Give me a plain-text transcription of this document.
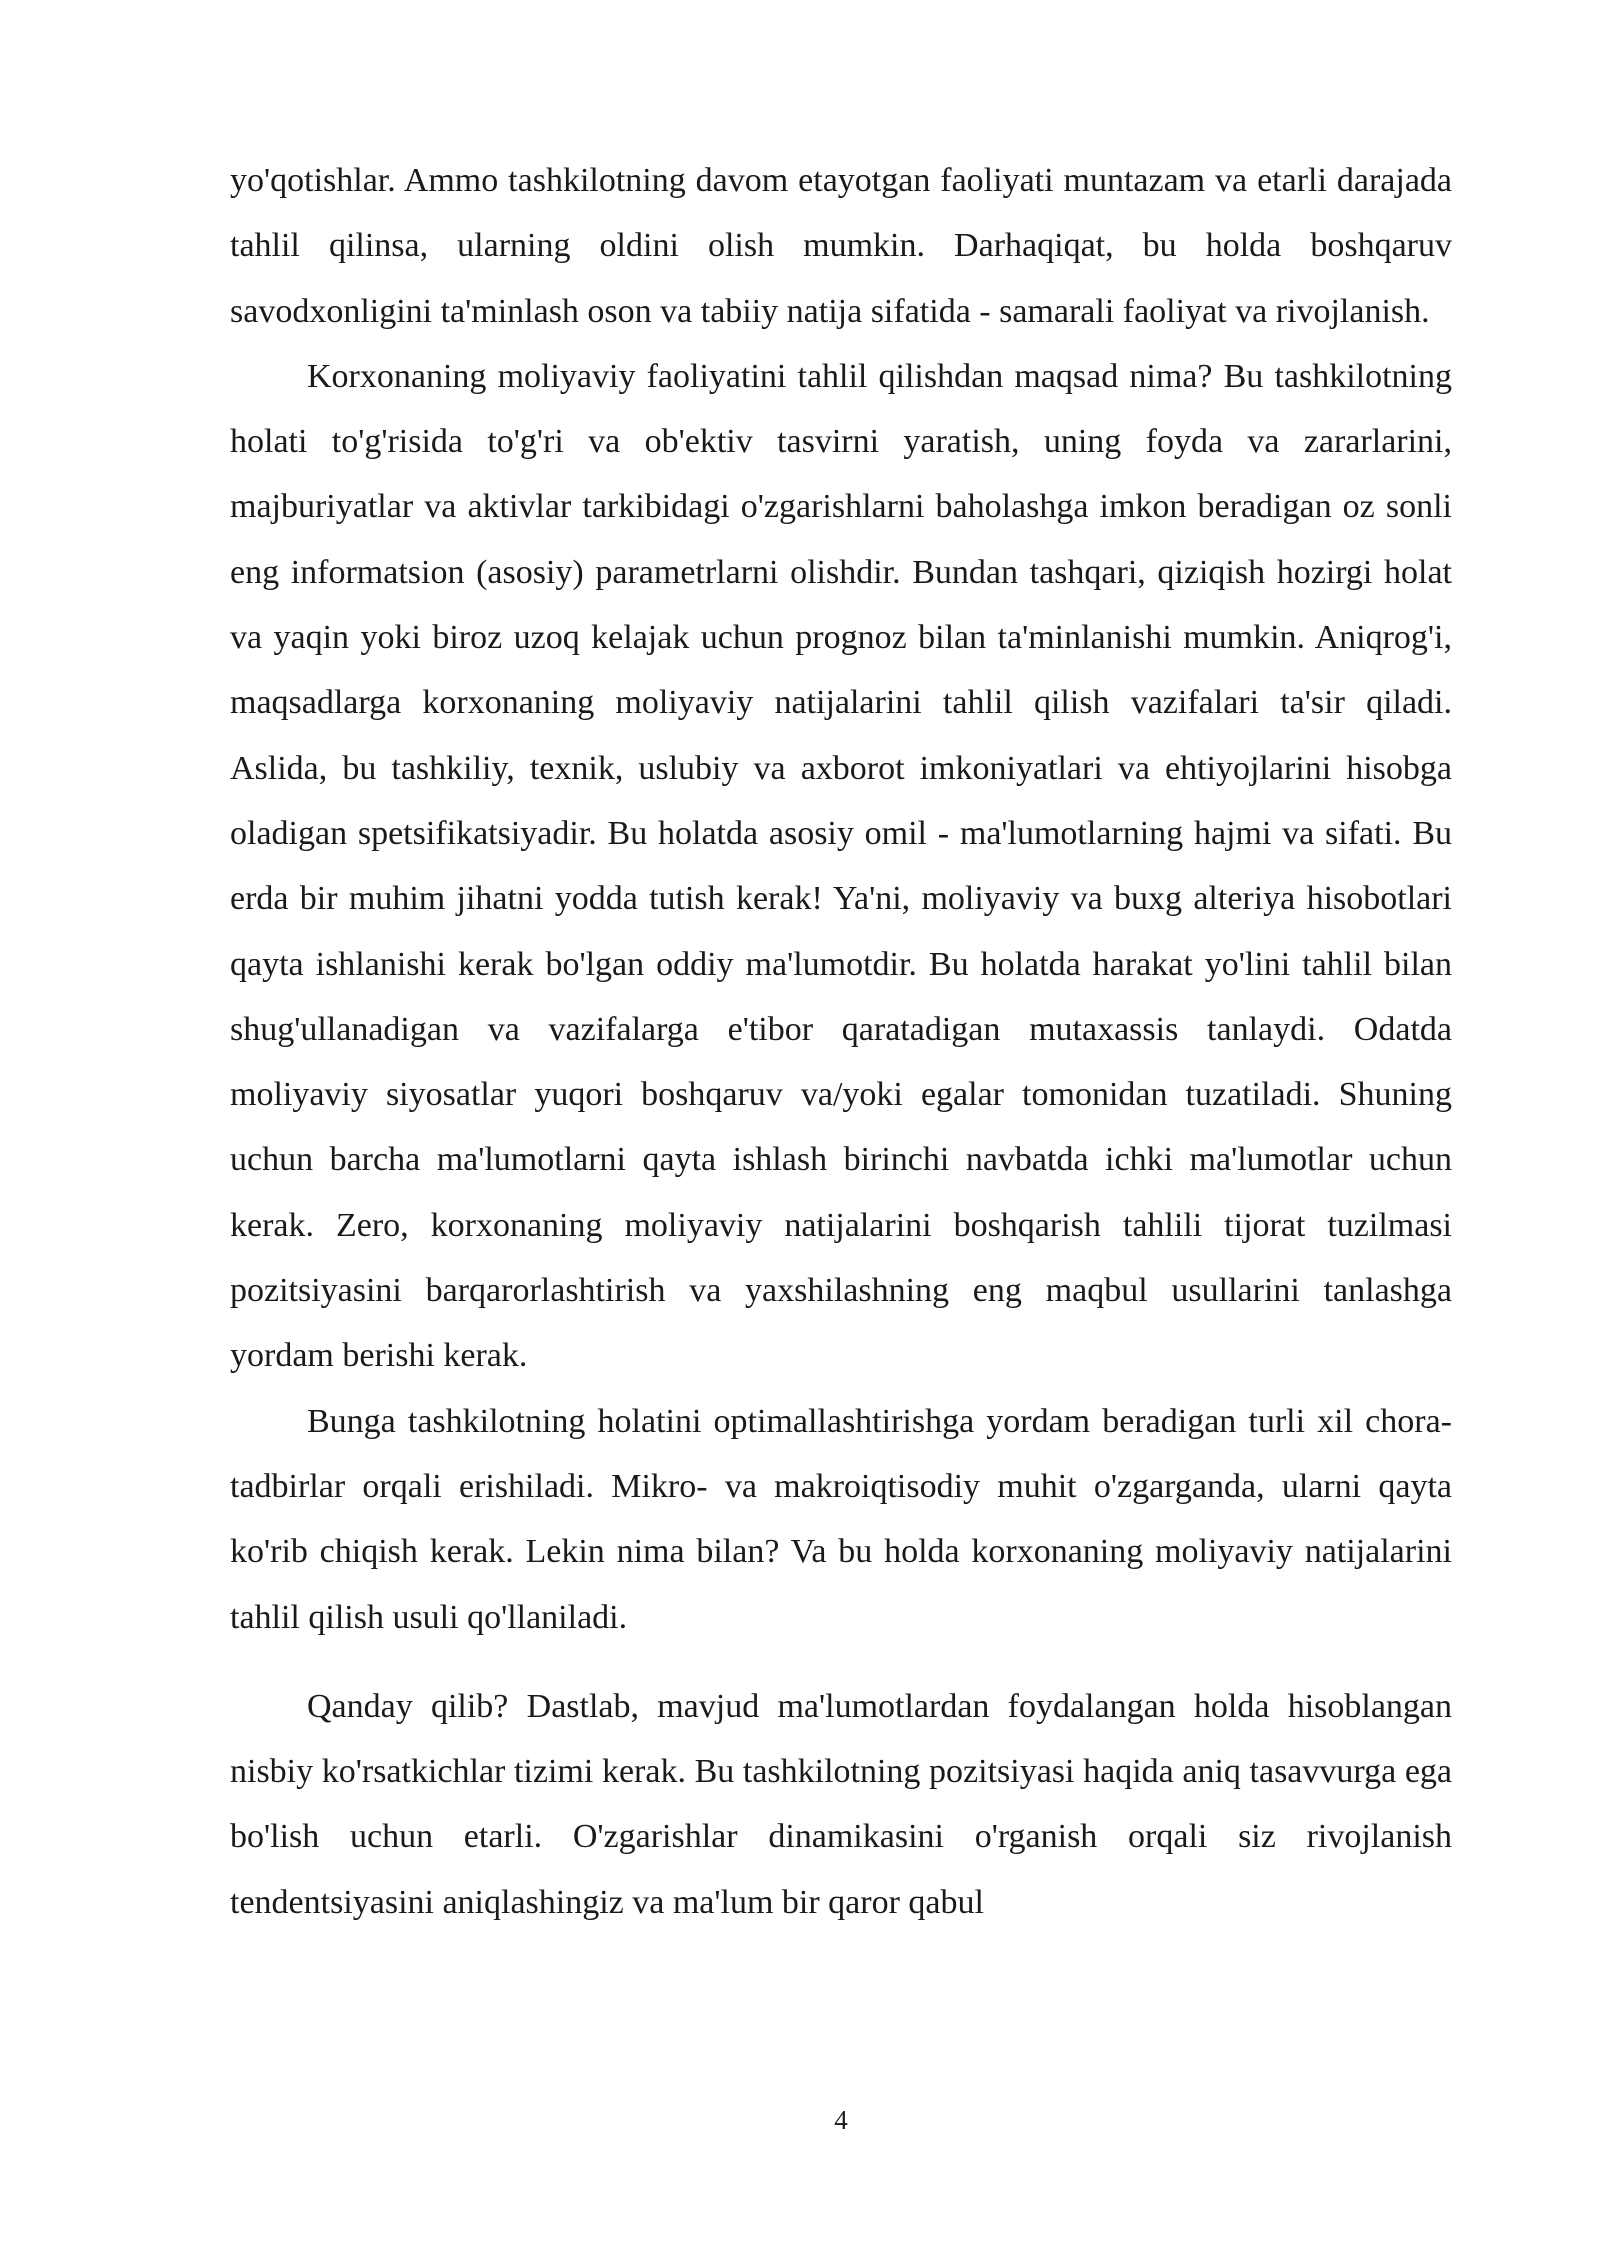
yo'qotishlar. Ammo tashkilotning davom etayotgan faoliyati muntazam va etarli darajada tahlil qilinsa, ularning oldini olish mumkin. Darhaqiqat, bu holda boshqaruv savodxonligini ta'minlash oson va tabiiy natija sifatida - samarali faoliyat va rivojlanish.

Korxonaning moliyaviy faoliyatini tahlil qilishdan maqsad nima? Bu tashkilotning holati to'g'risida to'g'ri va ob'ektiv tasvirni yaratish, uning foyda va zararlarini, majburiyatlar va aktivlar tarkibidagi o'zgarishlarni baholashga imkon beradigan oz sonli eng informatsion (asosiy) parametrlarni olishdir. Bundan tashqari, qiziqish hozirgi holat va yaqin yoki biroz uzoq kelajak uchun prognoz bilan ta'minlanishi mumkin. Aniqrog'i, maqsadlarga korxonaning moliyaviy natijalarini tahlil qilish vazifalari ta'sir qiladi. Aslida, bu tashkiliy, texnik, uslubiy va axborot imkoniyatlari va ehtiyojlarini hisobga oladigan spetsifikatsiyadir. Bu holatda asosiy omil - ma'lumotlarning hajmi va sifati. Bu erda bir muhim jihatni yodda tutish kerak! Ya'ni, moliyaviy va buxg alteriya hisobotlari qayta ishlanishi kerak bo'lgan oddiy ma'lumotdir. Bu holatda harakat yo'lini tahlil bilan shug'ullanadigan va vazifalarga e'tibor qaratadigan mutaxassis tanlaydi. Odatda moliyaviy siyosatlar yuqori boshqaruv va/yoki egalar tomonidan tuzatiladi. Shuning uchun barcha ma'lumotlarni qayta ishlash birinchi navbatda ichki ma'lumotlar uchun kerak. Zero, korxonaning moliyaviy natijalarini boshqarish tahlili tijorat tuzilmasi pozitsiyasini barqarorlashtirish va yaxshilashning eng maqbul usullarini tanlashga yordam berishi kerak.

Bunga tashkilotning holatini optimallashtirishga yordam beradigan turli xil chora-tadbirlar orqali erishiladi. Mikro- va makroiqtisodiy muhit o'zgarganda, ularni qayta ko'rib chiqish kerak. Lekin nima bilan? Va bu holda korxonaning moliyaviy natijalarini tahlil qilish usuli qo'llaniladi.

Qanday qilib? Dastlab, mavjud ma'lumotlardan foydalangan holda hisoblangan nisbiy ko'rsatkichlar tizimi kerak. Bu tashkilotning pozitsiyasi haqida aniq tasavvurga ega bo'lish uchun etarli. O'zgarishlar dinamikasini o'rganish orqali siz rivojlanish tendentsiyasini aniqlashingiz va ma'lum bir qaror qabul

4
